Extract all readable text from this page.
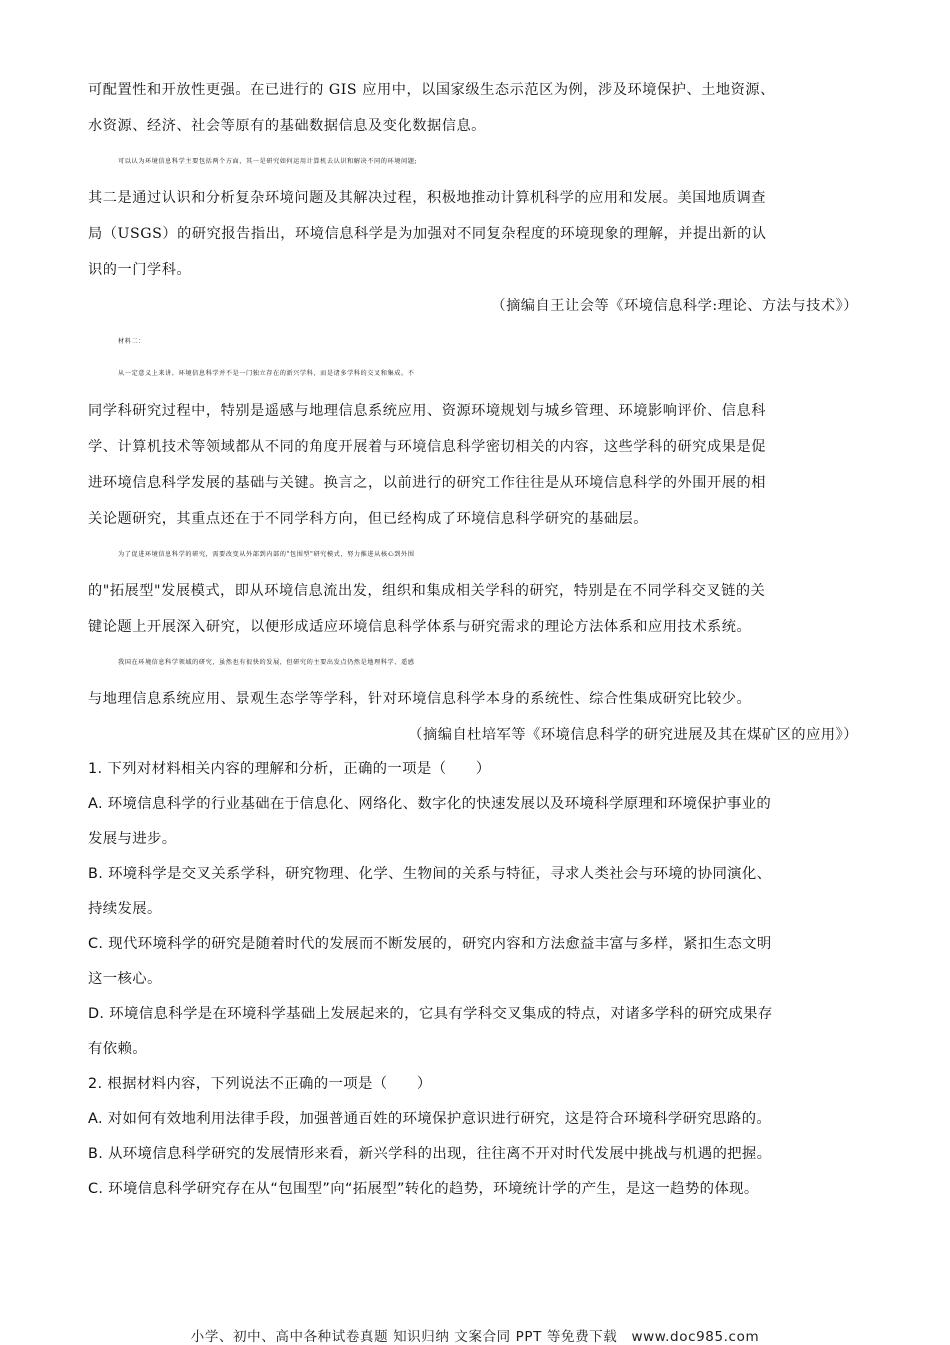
可配置性和开放性更强。在已进行的 GIS 应用中，以国家级生态示范区为例，涉及环境保护、土地资源、
水资源、经济、社会等原有的基础数据信息及变化数据信息。
可以认为环境信息科学主要包括两个方面，其一是研究如何运用计算机去认识和解决不同的环境问题;
其二是通过认识和分析复杂环境问题及其解决过程，积极地推动计算机科学的应用和发展。美国地质调查
局（USGS）的研究报告指出，环境信息科学是为加强对不同复杂程度的环境现象的理解，并提出新的认
识的一门学科。
（摘编自王让会等《环境信息科学:理论、方法与技术》）
材料二：
从一定意义上来讲，环境信息科学并不是一门独立存在的新兴学科，而是诸多学科的交叉和集成。不
同学科研究过程中，特别是遥感与地理信息系统应用、资源环境规划与城乡管理、环境影响评价、信息科
学、计算机技术等领域都从不同的角度开展着与环境信息科学密切相关的内容，这些学科的研究成果是促
进环境信息科学发展的基础与关键。换言之，以前进行的研究工作往往是从环境信息科学的外围开展的相
关论题研究，其重点还在于不同学科方向，但已经构成了环境信息科学研究的基础层。
为了促进环境信息科学的研究，需要改变从外部到内部的"包围型"研究模式，努力推进从核心到外围
的"拓展型"发展模式，即从环境信息流出发，组织和集成相关学科的研究，特别是在不同学科交叉链的关
键论题上开展深入研究，以便形成适应环境信息科学体系与研究需求的理论方法体系和应用技术系统。
我国在环境信息科学领域的研究，虽然也有很快的发展，但研究的主要出发点仍然是地理科学、遥感
与地理信息系统应用、景观生态学等学科，针对环境信息科学本身的系统性、综合性集成研究比较少。
（摘编自杜培军等《环境信息科学的研究进展及其在煤矿区的应用》）
1. 下列对材料相关内容的理解和分析，正确的一项是（　　）
A. 环境信息科学的行业基础在于信息化、网络化、数字化的快速发展以及环境科学原理和环境保护事业的
发展与进步。
B. 环境科学是交叉关系学科，研究物理、化学、生物间的关系与特征，寻求人类社会与环境的协同演化、
持续发展。
C. 现代环境科学的研究是随着时代的发展而不断发展的，研究内容和方法愈益丰富与多样，紧扣生态文明
这一核心。
D. 环境信息科学是在环境科学基础上发展起来的，它具有学科交叉集成的特点，对诸多学科的研究成果存
有依赖。
2. 根据材料内容，下列说法不正确的一项是（　　）
A. 对如何有效地利用法律手段，加强普通百姓的环境保护意识进行研究，这是符合环境科学研究思路的。
B. 从环境信息科学研究的发展情形来看，新兴学科的出现，往往离不开对时代发展中挑战与机遇的把握。
C. 环境信息科学研究存在从“包围型”向“拓展型”转化的趋势，环境统计学的产生，是这一趋势的体现。
小学、初中、高中各种试卷真题 知识归纳 文案合同 PPT 等免费下载　www.doc985.com
